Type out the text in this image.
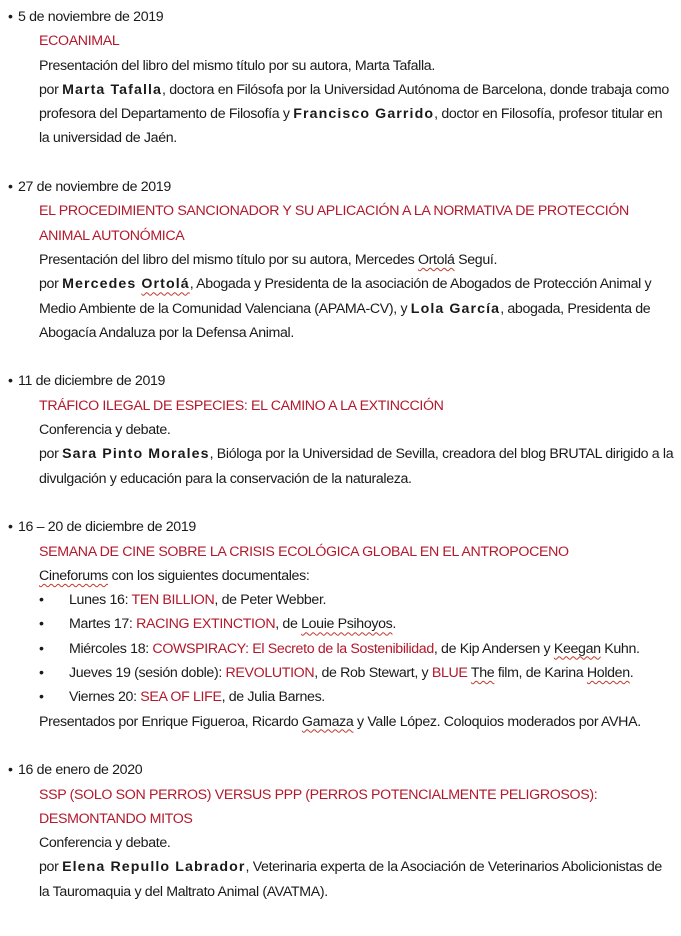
• 5 de noviembre de 2019
ECOANIMAL
Presentación del libro del mismo título por su autora, Marta Tafalla.
por Marta Tafalla, doctora en Filósofa por la Universidad Autónoma de Barcelona, donde trabaja como profesora del Departamento de Filosofía y Francisco Garrido, doctor en Filosofía, profesor titular en la universidad de Jaén.
• 27 de noviembre de 2019
EL PROCEDIMIENTO SANCIONADOR Y SU APLICACIÓN A LA NORMATIVA DE PROTECCIÓN ANIMAL AUTONÓMICA
Presentación del libro del mismo título por su autora, Mercedes Ortolá Seguí.
por Mercedes Ortolá, Abogada y Presidenta de la asociación de Abogados de Protección Animal y Medio Ambiente de la Comunidad Valenciana (APAMA-CV), y Lola García, abogada, Presidenta de Abogacía Andaluza por la Defensa Animal.
• 11 de diciembre de 2019
TRÁFICO ILEGAL DE ESPECIES: EL CAMINO A LA EXTINCCIÓN
Conferencia y debate.
por Sara Pinto Morales, Bióloga por la Universidad de Sevilla, creadora del blog BRUTAL dirigido a la divulgación y educación para la conservación de la naturaleza.
• 16 – 20 de diciembre de 2019
SEMANA DE CINE SOBRE LA CRISIS ECOLÓGICA GLOBAL EN EL ANTROPOCENO
Cineforums con los siguientes documentales:
•	Lunes 16: TEN BILLION, de Peter Webber.
•	Martes 17: RACING EXTINCTION, de Louie Psihoyos.
•	Miércoles 18: COWSPIRACY: El Secreto de la Sostenibilidad, de Kip Andersen y Keegan Kuhn.
•	Jueves 19 (sesión doble): REVOLUTION, de Rob Stewart, y BLUE The film, de Karina Holden.
•	Viernes 20: SEA OF LIFE, de Julia Barnes.
Presentados por Enrique Figueroa, Ricardo Gamaza y Valle López. Coloquios moderados por AVHA.
• 16 de enero de 2020
SSP (SOLO SON PERROS) VERSUS PPP (PERROS POTENCIALMENTE PELIGROSOS): DESMONTANDO MITOS
Conferencia y debate.
por Elena Repullo Labrador, Veterinaria experta de la Asociación de Veterinarios Abolicionistas de la Tauromaquia y del Maltrato Animal (AVATMA).
